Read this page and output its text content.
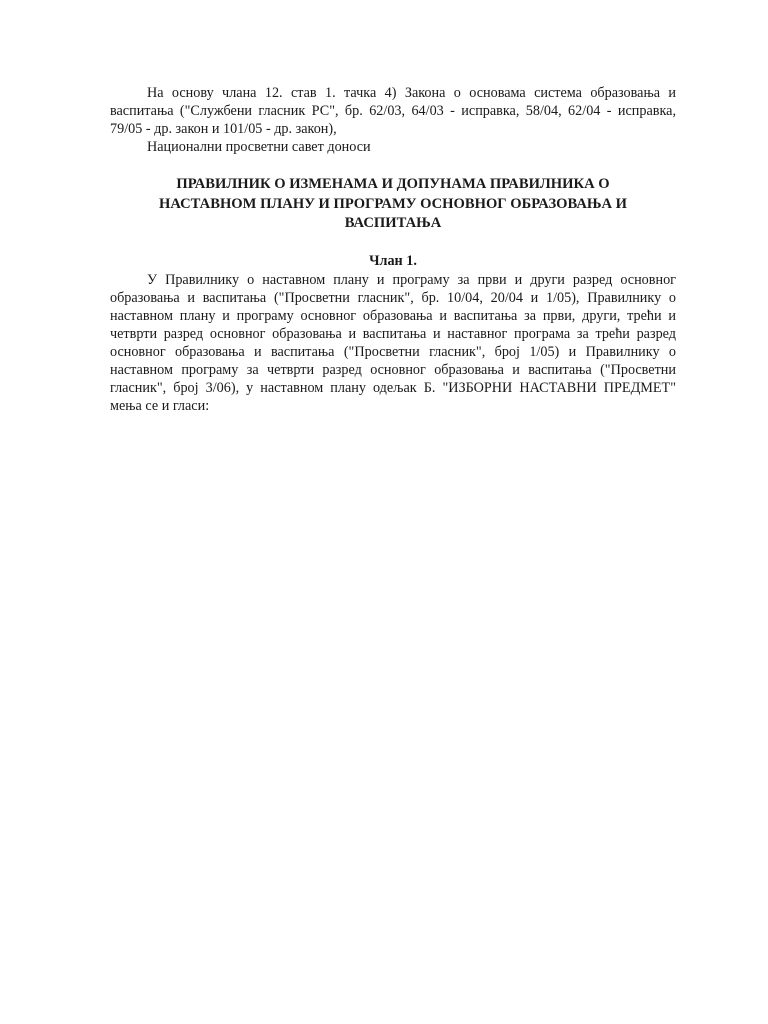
На основу члана 12. став 1. тачка 4) Закона о основама система образовања и васпитања ("Службени гласник РС", бр. 62/03, 64/03 - исправка, 58/04, 62/04 - исправка, 79/05 - др. закон и 101/05 - др. закон),

Национални просветни савет доноси

ПРАВИЛНИК О ИЗМЕНАМА И ДОПУНАМА ПРАВИЛНИКА О НАСТАВНОМ ПЛАНУ И ПРОГРАМУ ОСНОВНОГ ОБРАЗОВАЊА И ВАСПИТАЊА

Члан 1.

У Правилнику о наставном плану и програму за први и други разред основног образовања и васпитања ("Просветни гласник", бр. 10/04, 20/04 и 1/05), Правилнику о наставном плану и програму основног образовања и васпитања за први, други, трећи и четврти разред основног образовања и васпитања и наставног програма за трећи разред основног образовања и васпитања ("Просветни гласник", број 1/05) и Правилнику о наставном програму за четврти разред основног образовања и васпитања ("Просветни гласник", број 3/06), у наставном плану одељак Б. "ИЗБОРНИ НАСТАВНИ ПРЕДМЕТ" мења се и гласи:
